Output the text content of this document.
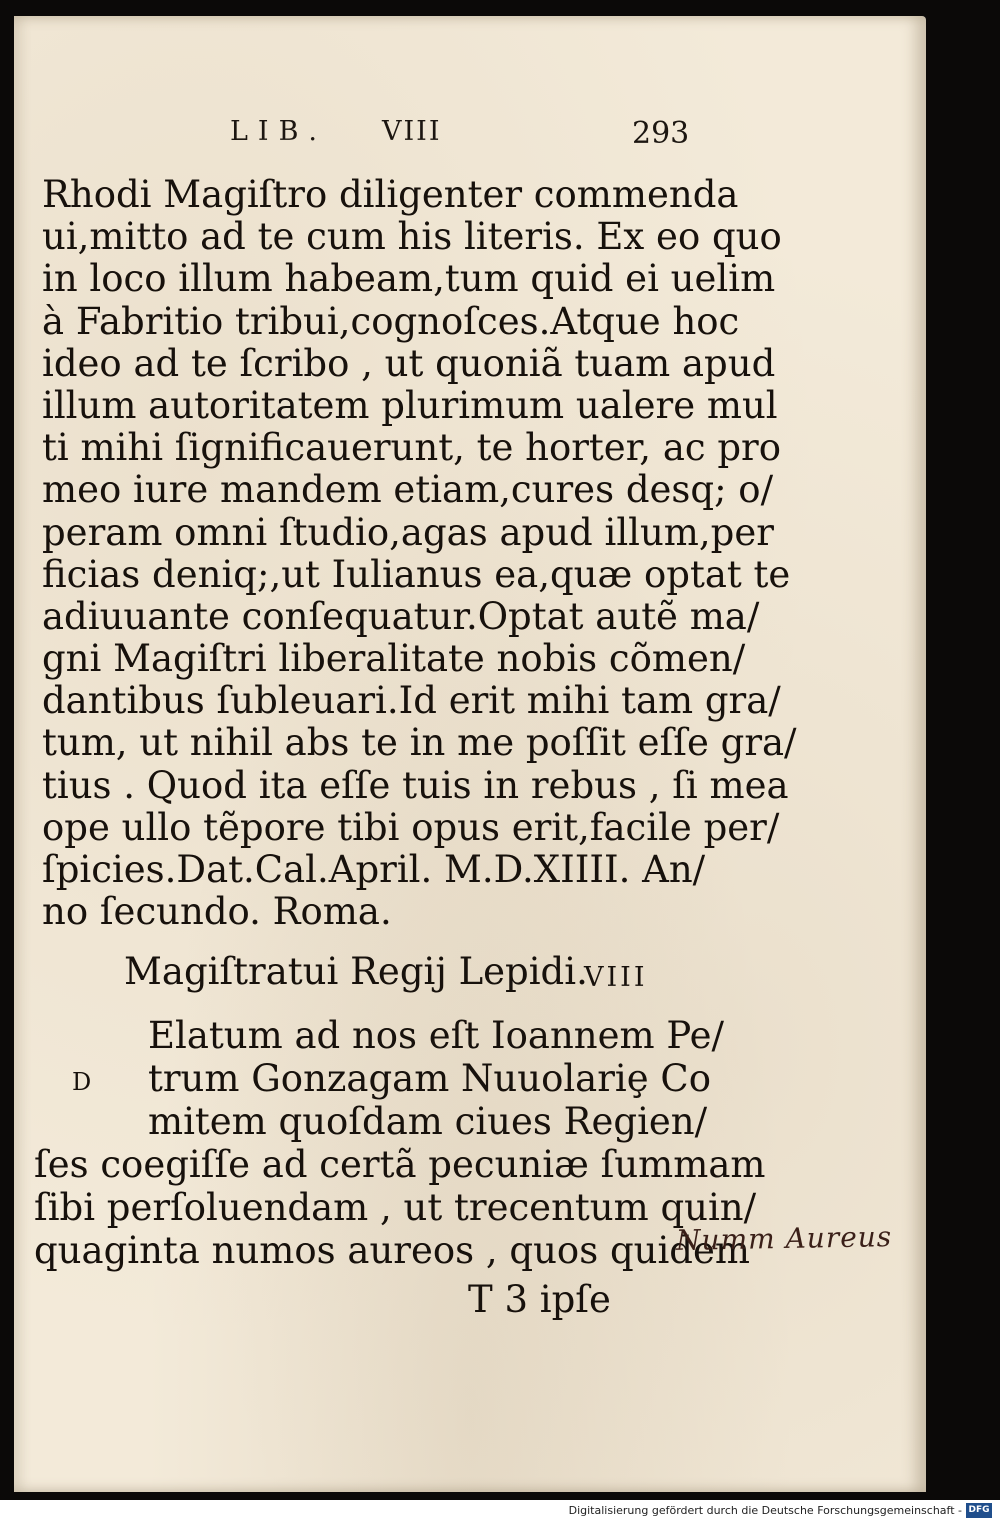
LIB. VIII	293
Rhodi Magiſtro diligenter commenda
ui,mitto ad te cum his literis. Ex eo quo
in loco illum habeam,tum quid ei uelim
à Fabritio tribui,cognoſces.Atque hoc
ideo ad te ſcribo , ut quoniã tuam apud
illum autoritatem plurimum ualere mul
ti mihi ſignificauerunt, te horter, ac pro
meo iure mandem etiam,cures desq; o/
peram omni ſtudio,agas apud illum,per
ficias deniq;,ut Iulianus ea,quæ optat te
adiuuante conſequatur.Optat autẽ ma/
gni Magiſtri liberalitate nobis cõmen/
dantibus ſubleuari.Id erit mihi tam gra/
tum, ut nihil abs te in me poſſit eſſe gra/
tius . Quod ita eſſe tuis in rebus , ſi mea
ope ullo tẽpore tibi opus erit,facile per/
ſpicies.Dat.Cal.April. M.D.XIIII. An/
no ſecundo. Roma.
Magiſtratui Regij Lepidi.
VIII
D
Elatum ad nos eſt Ioannem Pe/
trum Gonzagam Nuuolariȩ Co
mitem quoſdam ciues Regien/
ſes coegiſſe ad certã pecuniæ ſummam
ſibi perſoluendam , ut trecentum quin/
quaginta numos aureos , quos quidem
T 3 ipſe
Numm Aureus
Digitalisierung gefördert durch die Deutsche Forschungsgemeinschaft - DFG
